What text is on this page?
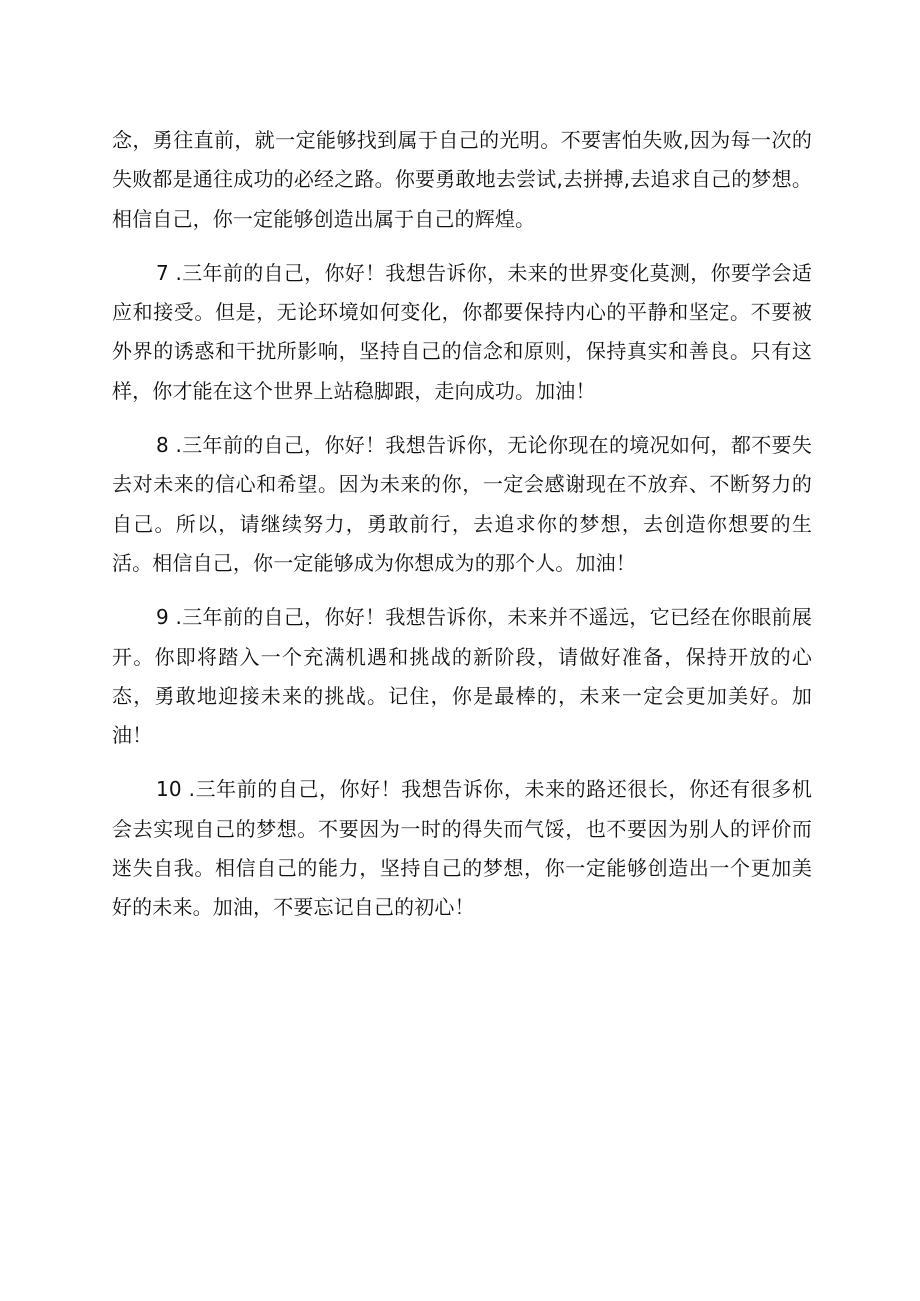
念，勇往直前，就一定能够找到属于自己的光明。不要害怕失败,因为每一次的失败都是通往成功的必经之路。你要勇敢地去尝试,去拼搏,去追求自己的梦想。相信自己，你一定能够创造出属于自己的辉煌。

7 .三年前的自己，你好！我想告诉你，未来的世界变化莫测，你要学会适应和接受。但是，无论环境如何变化，你都要保持内心的平静和坚定。不要被外界的诱惑和干扰所影响，坚持自己的信念和原则，保持真实和善良。只有这样，你才能在这个世界上站稳脚跟，走向成功。加油！

8 .三年前的自己，你好！我想告诉你，无论你现在的境况如何，都不要失去对未来的信心和希望。因为未来的你，一定会感谢现在不放弃、不断努力的自己。所以，请继续努力，勇敢前行，去追求你的梦想，去创造你想要的生活。相信自己，你一定能够成为你想成为的那个人。加油！

9 .三年前的自己，你好！我想告诉你，未来并不遥远，它已经在你眼前展开。你即将踏入一个充满机遇和挑战的新阶段，请做好准备，保持开放的心态，勇敢地迎接未来的挑战。记住，你是最棒的，未来一定会更加美好。加油！

10 .三年前的自己，你好！我想告诉你，未来的路还很长，你还有很多机会去实现自己的梦想。不要因为一时的得失而气馁，也不要因为别人的评价而迷失自我。相信自己的能力，坚持自己的梦想，你一定能够创造出一个更加美好的未来。加油，不要忘记自己的初心！
